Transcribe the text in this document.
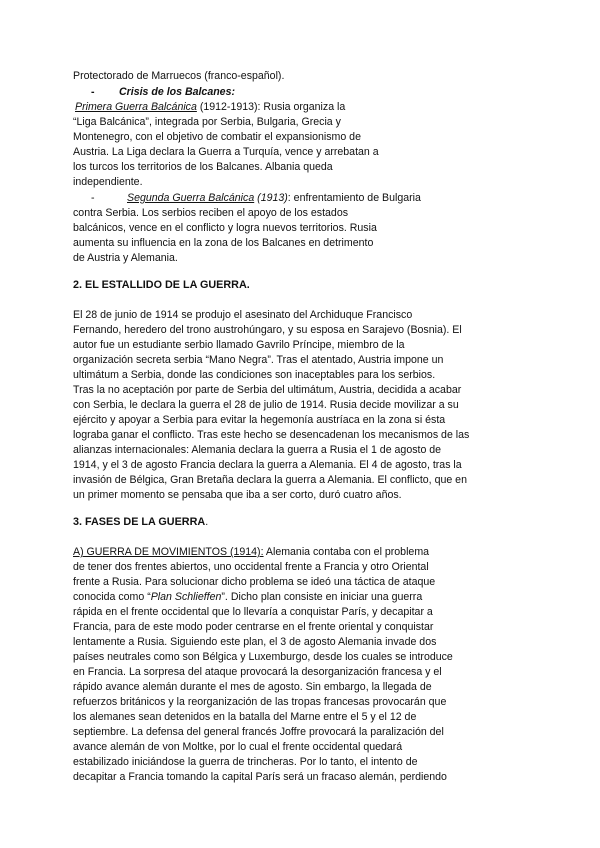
Protectorado de Marruecos (franco-español).
- Crisis de los Balcanes:
Primera Guerra Balcánica (1912-1913): Rusia organiza la
“Liga Balcánica”, integrada por Serbia, Bulgaria, Grecia y
Montenegro, con el objetivo de combatir el expansionismo de
Austria. La Liga declara la Guerra a Turquía, vence y arrebatan a
los turcos los territorios de los Balcanes. Albania queda
independiente.
-	Segunda Guerra Balcánica (1913): enfrentamiento de Bulgaria
contra Serbia. Los serbios reciben el apoyo de los estados
balcánicos, vence en el conflicto y logra nuevos territorios. Rusia
aumenta su influencia en la zona de los Balcanes en detrimento
de Austria y Alemania.
2. EL ESTALLIDO DE LA GUERRA.
El 28 de junio de 1914 se produjo el asesinato del Archiduque Francisco
Fernando, heredero del trono austrohúngaro, y su esposa en Sarajevo (Bosnia). El
autor fue un estudiante serbio llamado Gavrilo Príncipe, miembro de la
organización secreta serbia “Mano Negra”. Tras el atentado, Austria impone un
ultimátum a Serbia, donde las condiciones son inaceptables para los serbios.
Tras la no aceptación por parte de Serbia del ultimátum, Austria, decidida a acabar
con Serbia, le declara la guerra el 28 de julio de 1914. Rusia decide movilizar a su
ejército y apoyar a Serbia para evitar la hegemonía austríaca en la zona si ésta
lograba ganar el conflicto. Tras este hecho se desencadenan los mecanismos de las
alianzas internacionales: Alemania declara la guerra a Rusia el 1 de agosto de
1914, y el 3 de agosto Francia declara la guerra a Alemania. El 4 de agosto, tras la
invasión de Bélgica, Gran Bretaña declara la guerra a Alemania. El conflicto, que en
un primer momento se pensaba que iba a ser corto, duró cuatro años.
3. FASES DE LA GUERRA.
A) GUERRA DE MOVIMIENTOS (1914): Alemania contaba con el problema
de tener dos frentes abiertos, uno occidental frente a Francia y otro Oriental
frente a Rusia. Para solucionar dicho problema se ideó una táctica de ataque
conocida como “Plan Schlieffen”. Dicho plan consiste en iniciar una guerra
rápida en el frente occidental que lo llevaría a conquistar París, y decapitar a
Francia, para de este modo poder centrarse en el frente oriental y conquistar
lentamente a Rusia. Siguiendo este plan, el 3 de agosto Alemania invade dos
países neutrales como son Bélgica y Luxemburgo, desde los cuales se introduce
en Francia. La sorpresa del ataque provocará la desorganización francesa y el
rápido avance alemán durante el mes de agosto. Sin embargo, la llegada de
refuerzos británicos y la reorganización de las tropas francesas provocarán que
los alemanes sean detenidos en la batalla del Marne entre el 5 y el 12 de
septiembre. La defensa del general francés Joffre provocará la paralización del
avance alemán de von Moltke, por lo cual el frente occidental quedará
estabilizado iniciándose la guerra de trincheras. Por lo tanto, el intento de
decapitar a Francia tomando la capital París será un fracaso alemán, perdiendo
